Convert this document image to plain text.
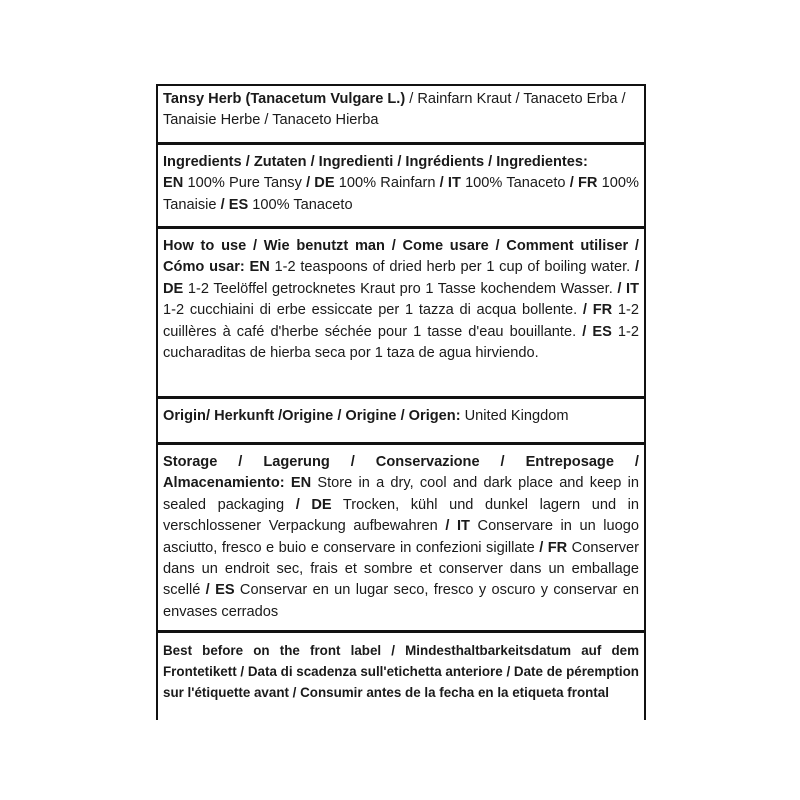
Tansy Herb (Tanacetum Vulgare L.) / Rainfarn Kraut / Tanaceto Erba / Tanaisie Herbe / Tanaceto Hierba
Ingredients / Zutaten / Ingredienti / Ingrédients / Ingredientes:
EN 100% Pure Tansy / DE 100% Rainfarn / IT 100% Tanaceto / FR 100% Tanaisie / ES 100% Tanaceto
How to use / Wie benutzt man / Come usare / Comment utiliser / Cómo usar: EN 1-2 teaspoons of dried herb per 1 cup of boiling water. / DE 1-2 Teelöffel getrocknetes Kraut pro 1 Tasse kochendem Wasser. / IT 1-2 cucchiaini di erbe essiccate per 1 tazza di acqua bollente. / FR 1-2 cuillères à café d'herbe séchée pour 1 tasse d'eau bouillante. / ES 1-2 cucharaditas de hierba seca por 1 taza de agua hirviendo.
Origin/ Herkunft /Origine / Origine / Origen: United Kingdom
Storage / Lagerung / Conservazione / Entreposage / Almacenamiento: EN Store in a dry, cool and dark place and keep in sealed packaging / DE Trocken, kühl und dunkel lagern und in verschlossener Verpackung aufbewahren / IT Conservare in un luogo asciutto, fresco e buio e conservare in confezioni sigillate / FR Conserver dans un endroit sec, frais et sombre et conserver dans un emballage scellé / ES Conservar en un lugar seco, fresco y oscuro y conservar en envases cerrados
Best before on the front label / Mindesthaltbarkeitsdatum auf dem Frontetikett / Data di scadenza sull'etichetta anteriore / Date de péremption sur l'étiquette avant / Consumir antes de la fecha en la etiqueta frontal
